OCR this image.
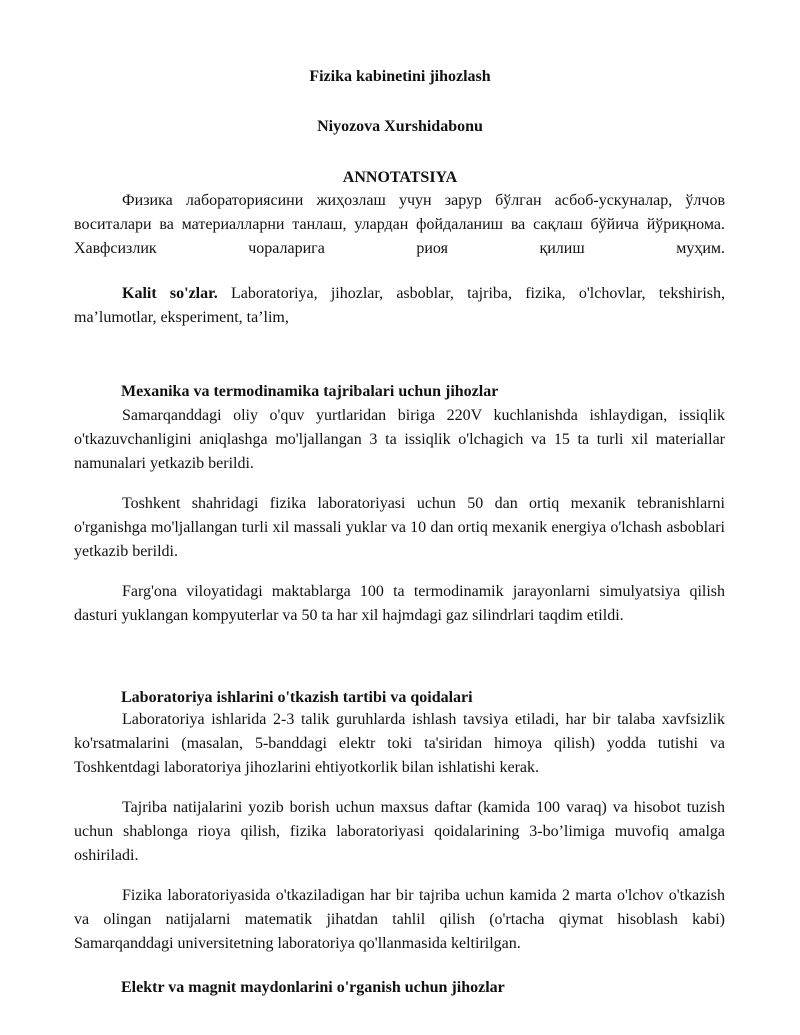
Fizika kabinetini jihozlash
Niyozova Xurshidabonu
ANNOTATSIYA
Физика лабораториясини жиҳозлаш учун зарур бўлган асбоб-ускуналар, ўлчов воситалари ва материалларни танлаш, улардан фойдаланиш ва сақлаш бўйича йўриқнома. Хавфсизлик чораларига риоя қилиш муҳим.
Kalit so'zlar. Laboratoriya, jihozlar, asboblar, tajriba, fizika, o'lchovlar, tekshirish, ma’lumotlar, eksperiment, ta’lim,
Mexanika va termodinamika tajribalari uchun jihozlar
Samarqanddagi oliy o'quv yurtlaridan biriga 220V kuchlanishda ishlaydigan, issiqlik o'tkazuvchanligini aniqlashga mo'ljallangan 3 ta issiqlik o'lchagich va 15 ta turli xil materiallar namunalari yetkazib berildi.
Toshkent shahridagi fizika laboratoriyasi uchun 50 dan ortiq mexanik tebranishlarni o'rganishga mo'ljallangan turli xil massali yuklar va 10 dan ortiq mexanik energiya o'lchash asboblari yetkazib berildi.
Farg'ona viloyatidagi maktablarga 100 ta termodinamik jarayonlarni simulyatsiya qilish dasturi yuklangan kompyuterlar va 50 ta har xil hajmdagi gaz silindrlari taqdim etildi.
Laboratoriya ishlarini o'tkazish tartibi va qoidalari
Laboratoriya ishlarida 2-3 talik guruhlarda ishlash tavsiya etiladi, har bir talaba xavfsizlik ko'rsatmalarini (masalan, 5-banddagi elektr toki ta'siridan himoya qilish) yodda tutishi va Toshkentdagi laboratoriya jihozlarini ehtiyotkorlik bilan ishlatishi kerak.
Tajriba natijalarini yozib borish uchun maxsus daftar (kamida 100 varaq) va hisobot tuzish uchun shablonga rioya qilish, fizika laboratoriyasi qoidalarining 3-bo’limiga muvofiq amalga oshiriladi.
Fizika laboratoriyasida o'tkaziladigan har bir tajriba uchun kamida 2 marta o'lchov o'tkazish va olingan natijalarni matematik jihatdan tahlil qilish (o'rtacha qiymat hisoblash kabi) Samarqanddagi universitetning laboratoriya qo'llanmasida keltirilgan.
Elektr va magnit maydonlarini o'rganish uchun jihozlar
